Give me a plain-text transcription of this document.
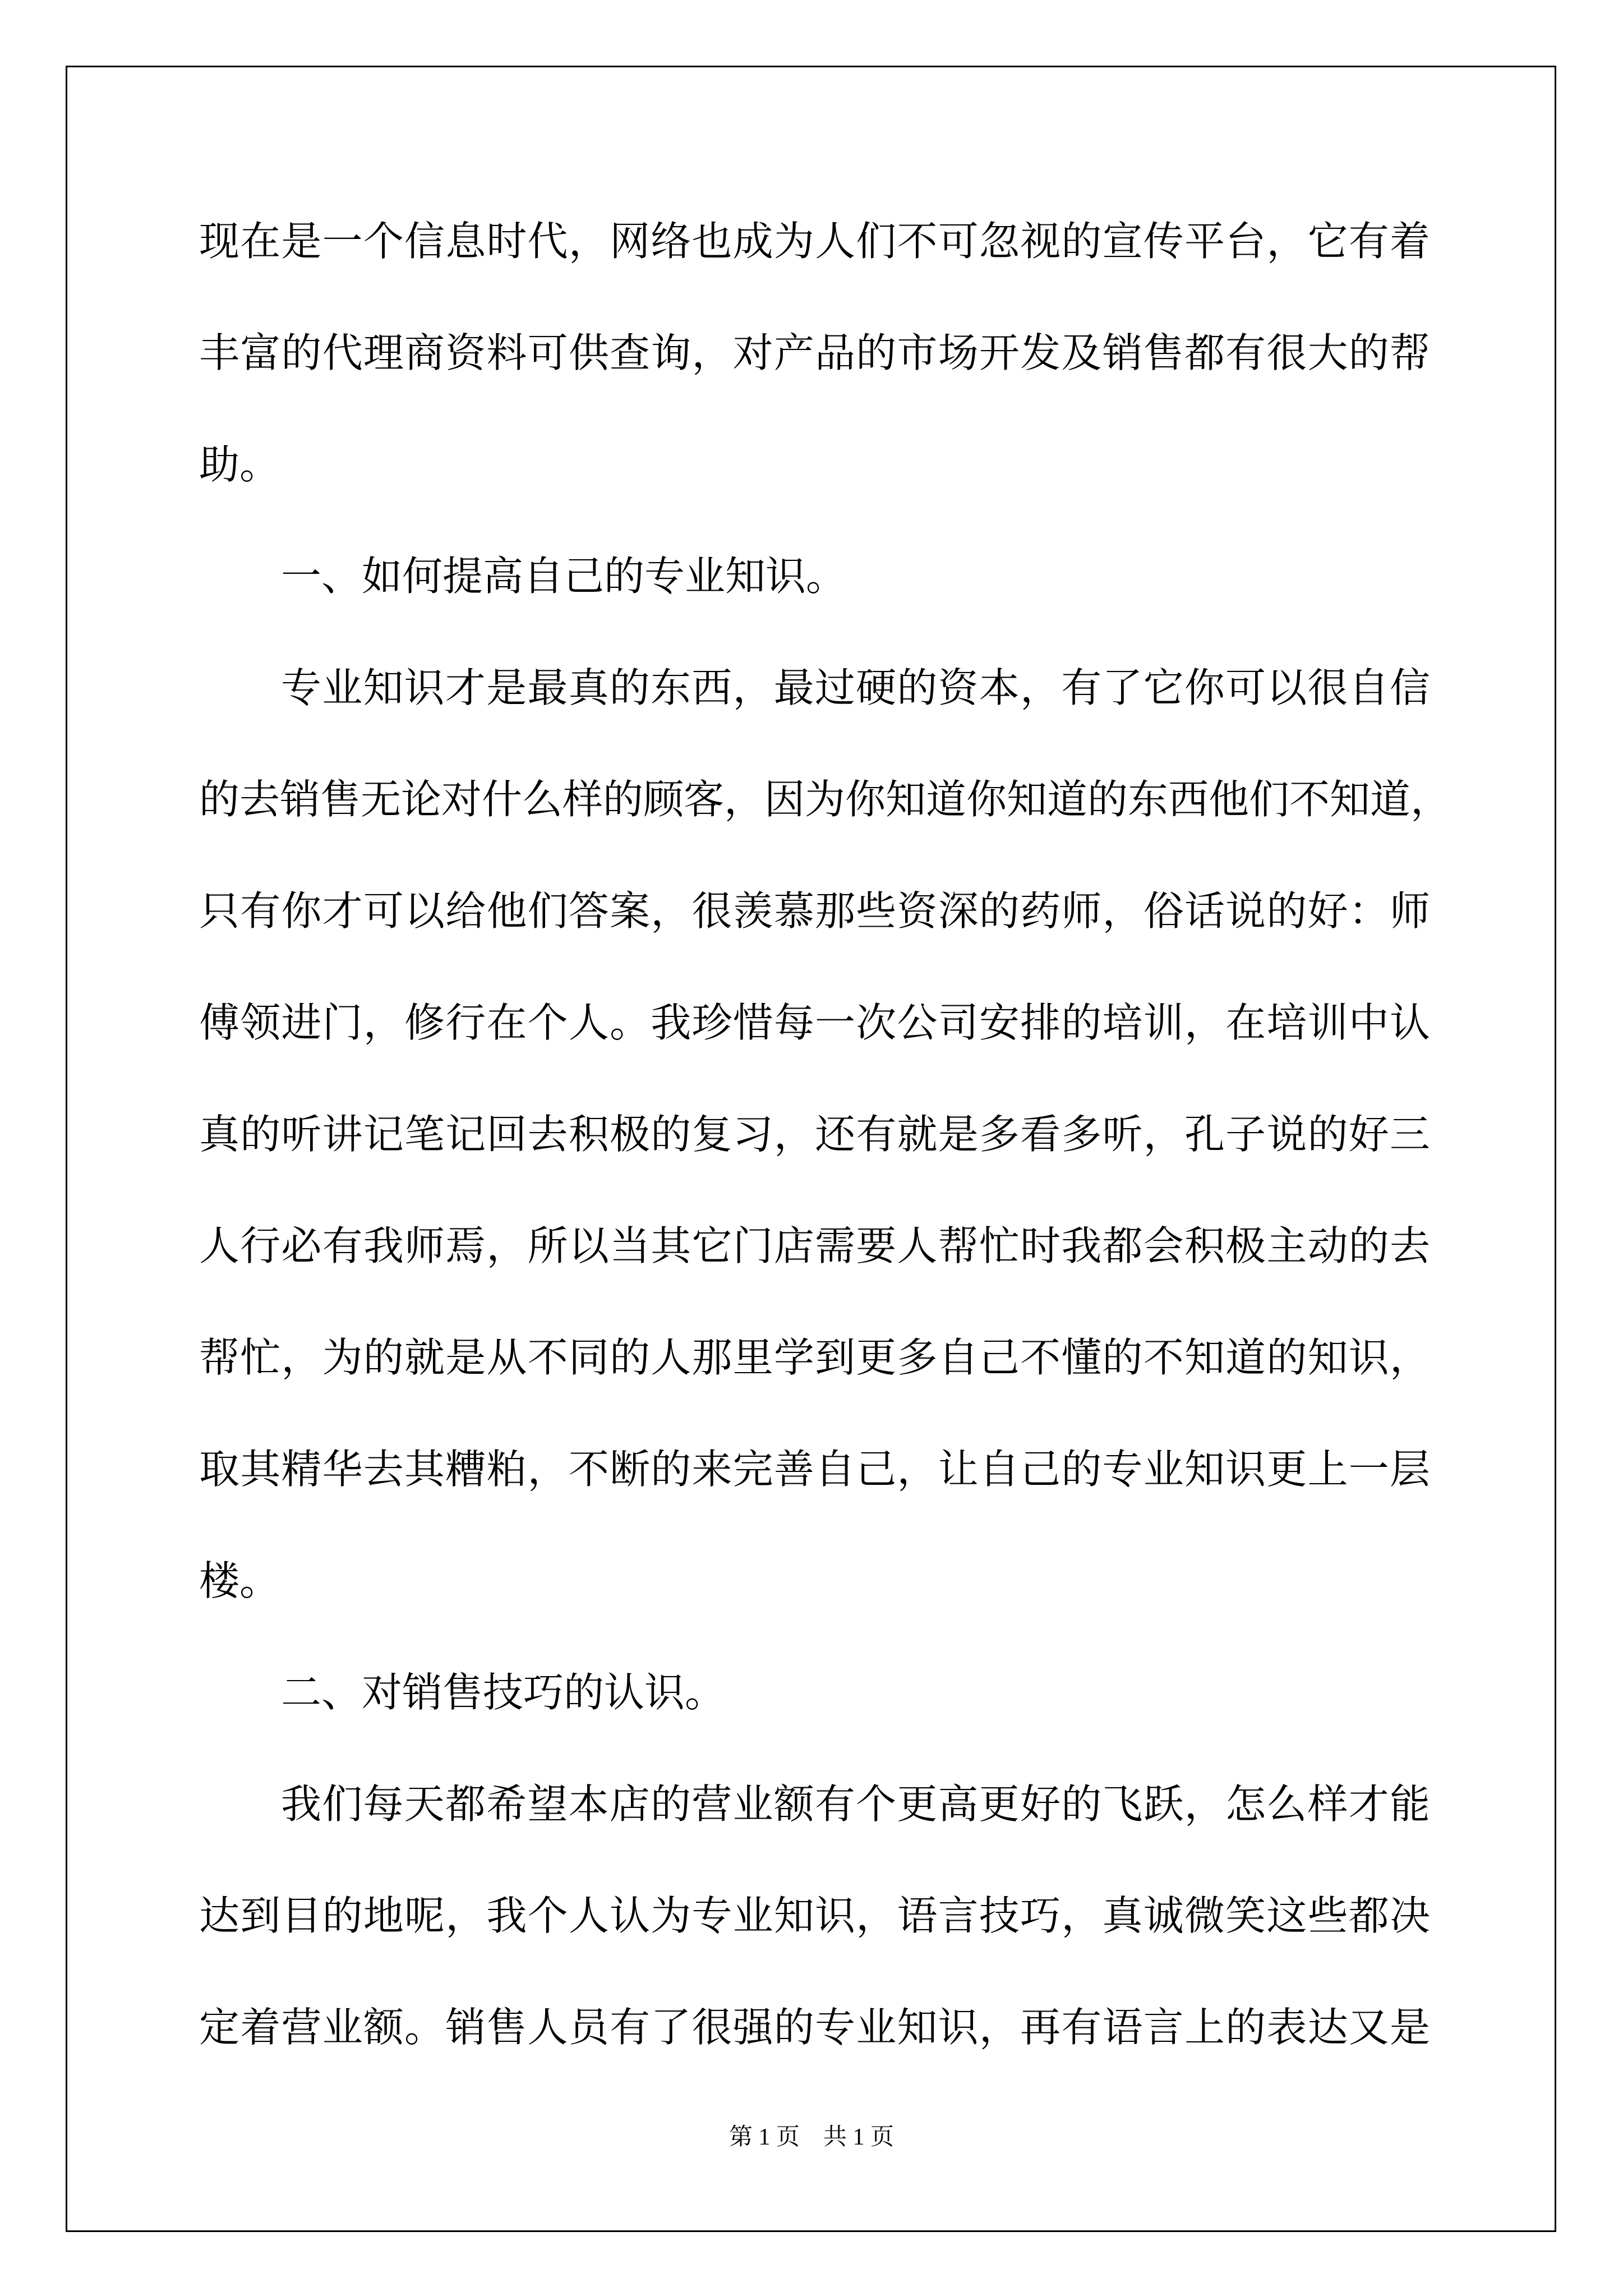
现在是一个信息时代，网络也成为人们不可忽视的宣传平台，它有着
丰富的代理商资料可供查询，对产品的市场开发及销售都有很大的帮
助。
一、如何提高自己的专业知识。
专业知识才是最真的东西，最过硬的资本，有了它你可以很自信
的去销售无论对什么样的顾客，因为你知道你知道的东西他们不知道，
只有你才可以给他们答案，很羡慕那些资深的药师，俗话说的好：师
傅领进门，修行在个人。我珍惜每一次公司安排的培训，在培训中认
真的听讲记笔记回去积极的复习，还有就是多看多听，孔子说的好三
人行必有我师焉，所以当其它门店需要人帮忙时我都会积极主动的去
帮忙，为的就是从不同的人那里学到更多自己不懂的不知道的知识，
取其精华去其糟粕，不断的来完善自己，让自己的专业知识更上一层
楼。
二、对销售技巧的认识。
我们每天都希望本店的营业额有个更高更好的飞跃，怎么样才能
达到目的地呢，我个人认为专业知识，语言技巧，真诚微笑这些都决
定着营业额。销售人员有了很强的专业知识，再有语言上的表达又是
第 1 页    共 1 页
